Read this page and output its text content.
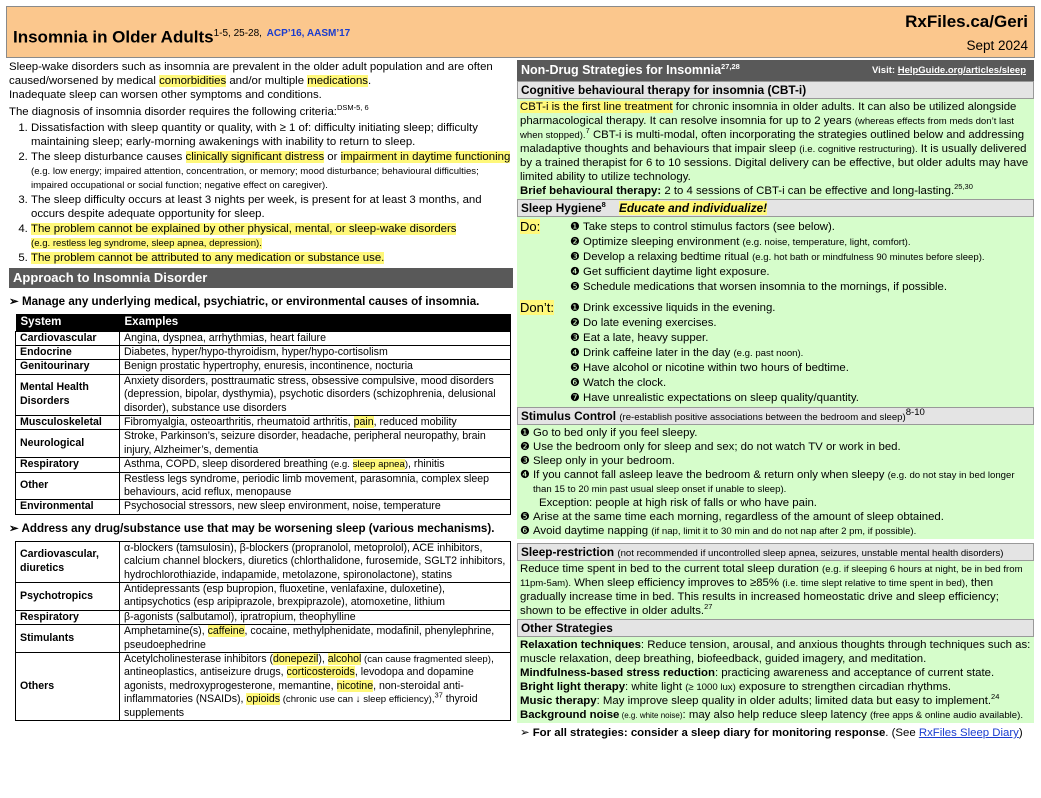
Insomnia in Older Adults$^{1-5, 25-28,}$ $^{ACP’16, AASM’17}$
RxFiles.ca/Geri
Sept 2024

Sleep-wake disorders such as insomnia are prevalent in the older adult population and are often caused/worsened by medical comorbidities and/or multiple medications.
Inadequate sleep can worsen other symptoms and conditions.

The diagnosis of insomnia disorder requires the following criteria:$^{DSM-5, 6}$

1. Dissatisfaction with sleep quantity or quality, with ≥ 1 of: difficulty initiating sleep; difficulty maintaining sleep; early-morning awakenings with inability to return to sleep.
2. The sleep disturbance causes clinically significant distress or impairment in daytime functioning (e.g. low energy; impaired attention, concentration, or memory; mood disturbance; behavioural difficulties; impaired occupational or social function; negative effect on caregiver).
3. The sleep difficulty occurs at least 3 nights per week, is present for at least 3 months, and occurs despite adequate opportunity for sleep.
4. The problem cannot be explained by other physical, mental, or sleep-wake disorders
(e.g. restless leg syndrome, sleep apnea, depression).
5. The problem cannot be attributed to any medication or substance use.
Approach to Insomnia Disorder
➢ Manage any underlying medical, psychiatric, or environmental causes of insomnia.
System	Examples
Cardiovascular	Angina, dyspnea, arrhythmias, heart failure
Endocrine	Diabetes, hyper/hypo-thyroidism, hyper/hypo-cortisolism
Genitourinary	Benign prostatic hypertrophy, enuresis, incontinence, nocturia
Mental Health Disorders	Anxiety disorders, posttraumatic stress, obsessive compulsive, mood disorders (depression, bipolar, dysthymia), psychotic disorders (schizophrenia, delusional disorder), substance use disorders
Musculoskeletal	Fibromyalgia, osteoarthritis, rheumatoid arthritis, pain, reduced mobility
Neurological	Stroke, Parkinson’s, seizure disorder, headache, peripheral neuropathy, brain injury, Alzheimer’s, dementia
Respiratory	Asthma, COPD, sleep disordered breathing (e.g. sleep apnea), rhinitis
Other	Restless legs syndrome, periodic limb movement, parasomnia, complex sleep behaviours, acid reflux, menopause
Environmental	Psychosocial stressors, new sleep environment, noise, temperature
➢ Address any drug/substance use that may be worsening sleep (various mechanisms).
Cardiovascular, diuretics	α-blockers (tamsulosin), β-blockers (propranolol, metoprolol), ACE inhibitors, calcium channel blockers, diuretics (chlorthalidone, furosemide, SGLT2 inhibitors, hydrochlorothiazide, indapamide, metolazone, spironolactone), statins
Psychotropics	Antidepressants (esp bupropion, fluoxetine, venlafaxine, duloxetine), antipsychotics (esp aripiprazole, brexpiprazole), atomoxetine, lithium
Respiratory	β-agonists (salbutamol), ipratropium, theophylline
Stimulants	Amphetamine(s), caffeine, cocaine, methylphenidate, modafinil, phenylephrine, pseudoephedrine
Others	Acetylcholinesterase inhibitors (donepezil), alcohol (can cause fragmented sleep), antineoplastics, antiseizure drugs, corticosteroids, levodopa and dopamine agonists, medroxyprogesterone, memantine, nicotine, non-steroidal anti-inflammatories (NSAIDs), opioids (chronic use can ↓ sleep efficiency),$^{37}$ thyroid supplements
Non-Drug Strategies for Insomnia$^{27,28}$	Visit: HelpGuide.org/articles/sleep
Cognitive behavioural therapy for insomnia (CBT-i)
CBT-i is the first line treatment for chronic insomnia in older adults. It can also be utilized alongside pharmacological therapy. It can resolve insomnia for up to 2 years (whereas effects from meds don’t last when stopped).$^7$ CBT-i is multi-modal, often incorporating the strategies outlined below and addressing maladaptive thoughts and behaviours that impair sleep (i.e. cognitive restructuring). It is usually delivered by a trained therapist for 6 to 10 sessions. Digital delivery can be effective, but older adults may have limited ability to utilize technology.
Brief behavioural therapy: 2 to 4 sessions of CBT-i can be effective and long-lasting.$^{25,30}$
Sleep Hygiene$^8$ Educate and individualize!
Do:	❶ Take steps to control stimulus factors (see below).
❷ Optimize sleeping environment (e.g. noise, temperature, light, comfort).
❸ Develop a relaxing bedtime ritual (e.g. hot bath or mindfulness 90 minutes before sleep).
❹ Get sufficient daytime light exposure.
❺ Schedule medications that worsen insomnia to the mornings, if possible.
Don’t:	❶ Drink excessive liquids in the evening.
❷ Do late evening exercises.
❸ Eat a late, heavy supper.
❹ Drink caffeine later in the day (e.g. past noon).
❺ Have alcohol or nicotine within two hours of bedtime.
❻ Watch the clock.
❼ Have unrealistic expectations on sleep quality/quantity.
Stimulus Control (re-establish positive associations between the bedroom and sleep)$^{8-10}$
❶ Go to bed only if you feel sleepy.
❷ Use the bedroom only for sleep and sex; do not watch TV or work in bed.
❸ Sleep only in your bedroom.
❹ If you cannot fall asleep leave the bedroom & return only when sleepy (e.g. do not stay in bed longer than 15 to 20 min past usual sleep onset if unable to sleep).
Exception: people at high risk of falls or who have pain.
❺ Arise at the same time each morning, regardless of the amount of sleep obtained.
❻ Avoid daytime napping (if nap, limit it to 30 min and do not nap after 2 pm, if possible).
Sleep-restriction (not recommended if uncontrolled sleep apnea, seizures, unstable mental health disorders)
Reduce time spent in bed to the current total sleep duration (e.g. if sleeping 6 hours at night, be in bed from 11pm-5am). When sleep efficiency improves to ≥85% (i.e. time slept relative to time spent in bed), then gradually increase time in bed. This results in increased homeostatic drive and sleep efficiency; shown to be effective in older adults.$^{27}$
Other Strategies
Relaxation techniques: Reduce tension, arousal, and anxious thoughts through techniques such as: muscle relaxation, deep breathing, biofeedback, guided imagery, and meditation.
Mindfulness-based stress reduction: practicing awareness and acceptance of current state.
Bright light therapy: white light (≥ 1000 lux) exposure to strengthen circadian rhythms.
Music therapy: May improve sleep quality in older adults; limited data but easy to implement.$^{24}$
Background noise (e.g. white noise): may also help reduce sleep latency (free apps & online audio available).
➢ For all strategies: consider a sleep diary for monitoring response. (See RxFiles Sleep Diary)
